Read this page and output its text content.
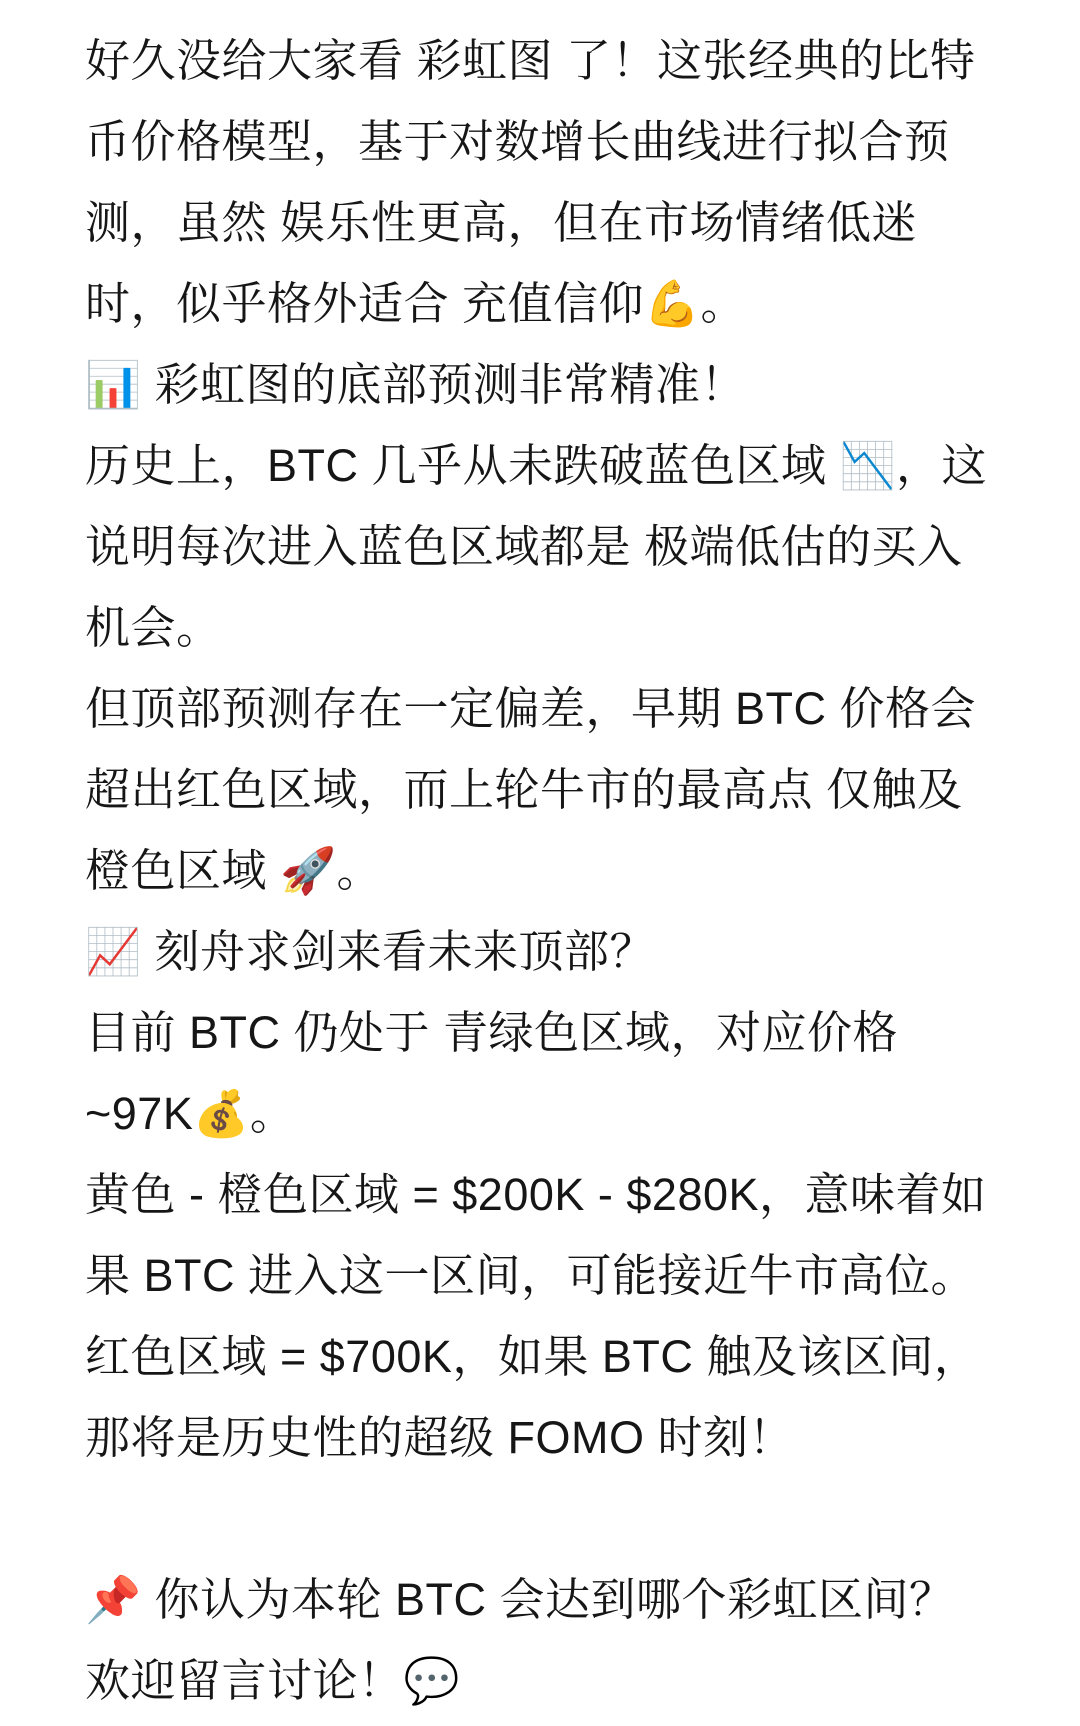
好久没给大家看 彩虹图 了！这张经典的比特
币价格模型，基于对数增长曲线进行拟合预
测，虽然 娱乐性更高，但在市场情绪低迷
时，似乎格外适合 充值信仰💪。
📊 彩虹图的底部预测非常精准！
历史上，BTC 几乎从未跌破蓝色区域 📉，这
说明每次进入蓝色区域都是 极端低估的买入
机会。
但顶部预测存在一定偏差，早期 BTC 价格会
超出红色区域，而上轮牛市的最高点 仅触及
橙色区域 🚀。
📈 刻舟求剑来看未来顶部？
目前 BTC 仍处于 青绿色区域，对应价格
~97K💰。
黄色 - 橙色区域 = $200K - $280K，意味着如
果 BTC 进入这一区间，可能接近牛市高位。
红色区域 = $700K，如果 BTC 触及该区间，
那将是历史性的超级 FOMO 时刻！
📌 你认为本轮 BTC 会达到哪个彩虹区间？
欢迎留言讨论！💬
